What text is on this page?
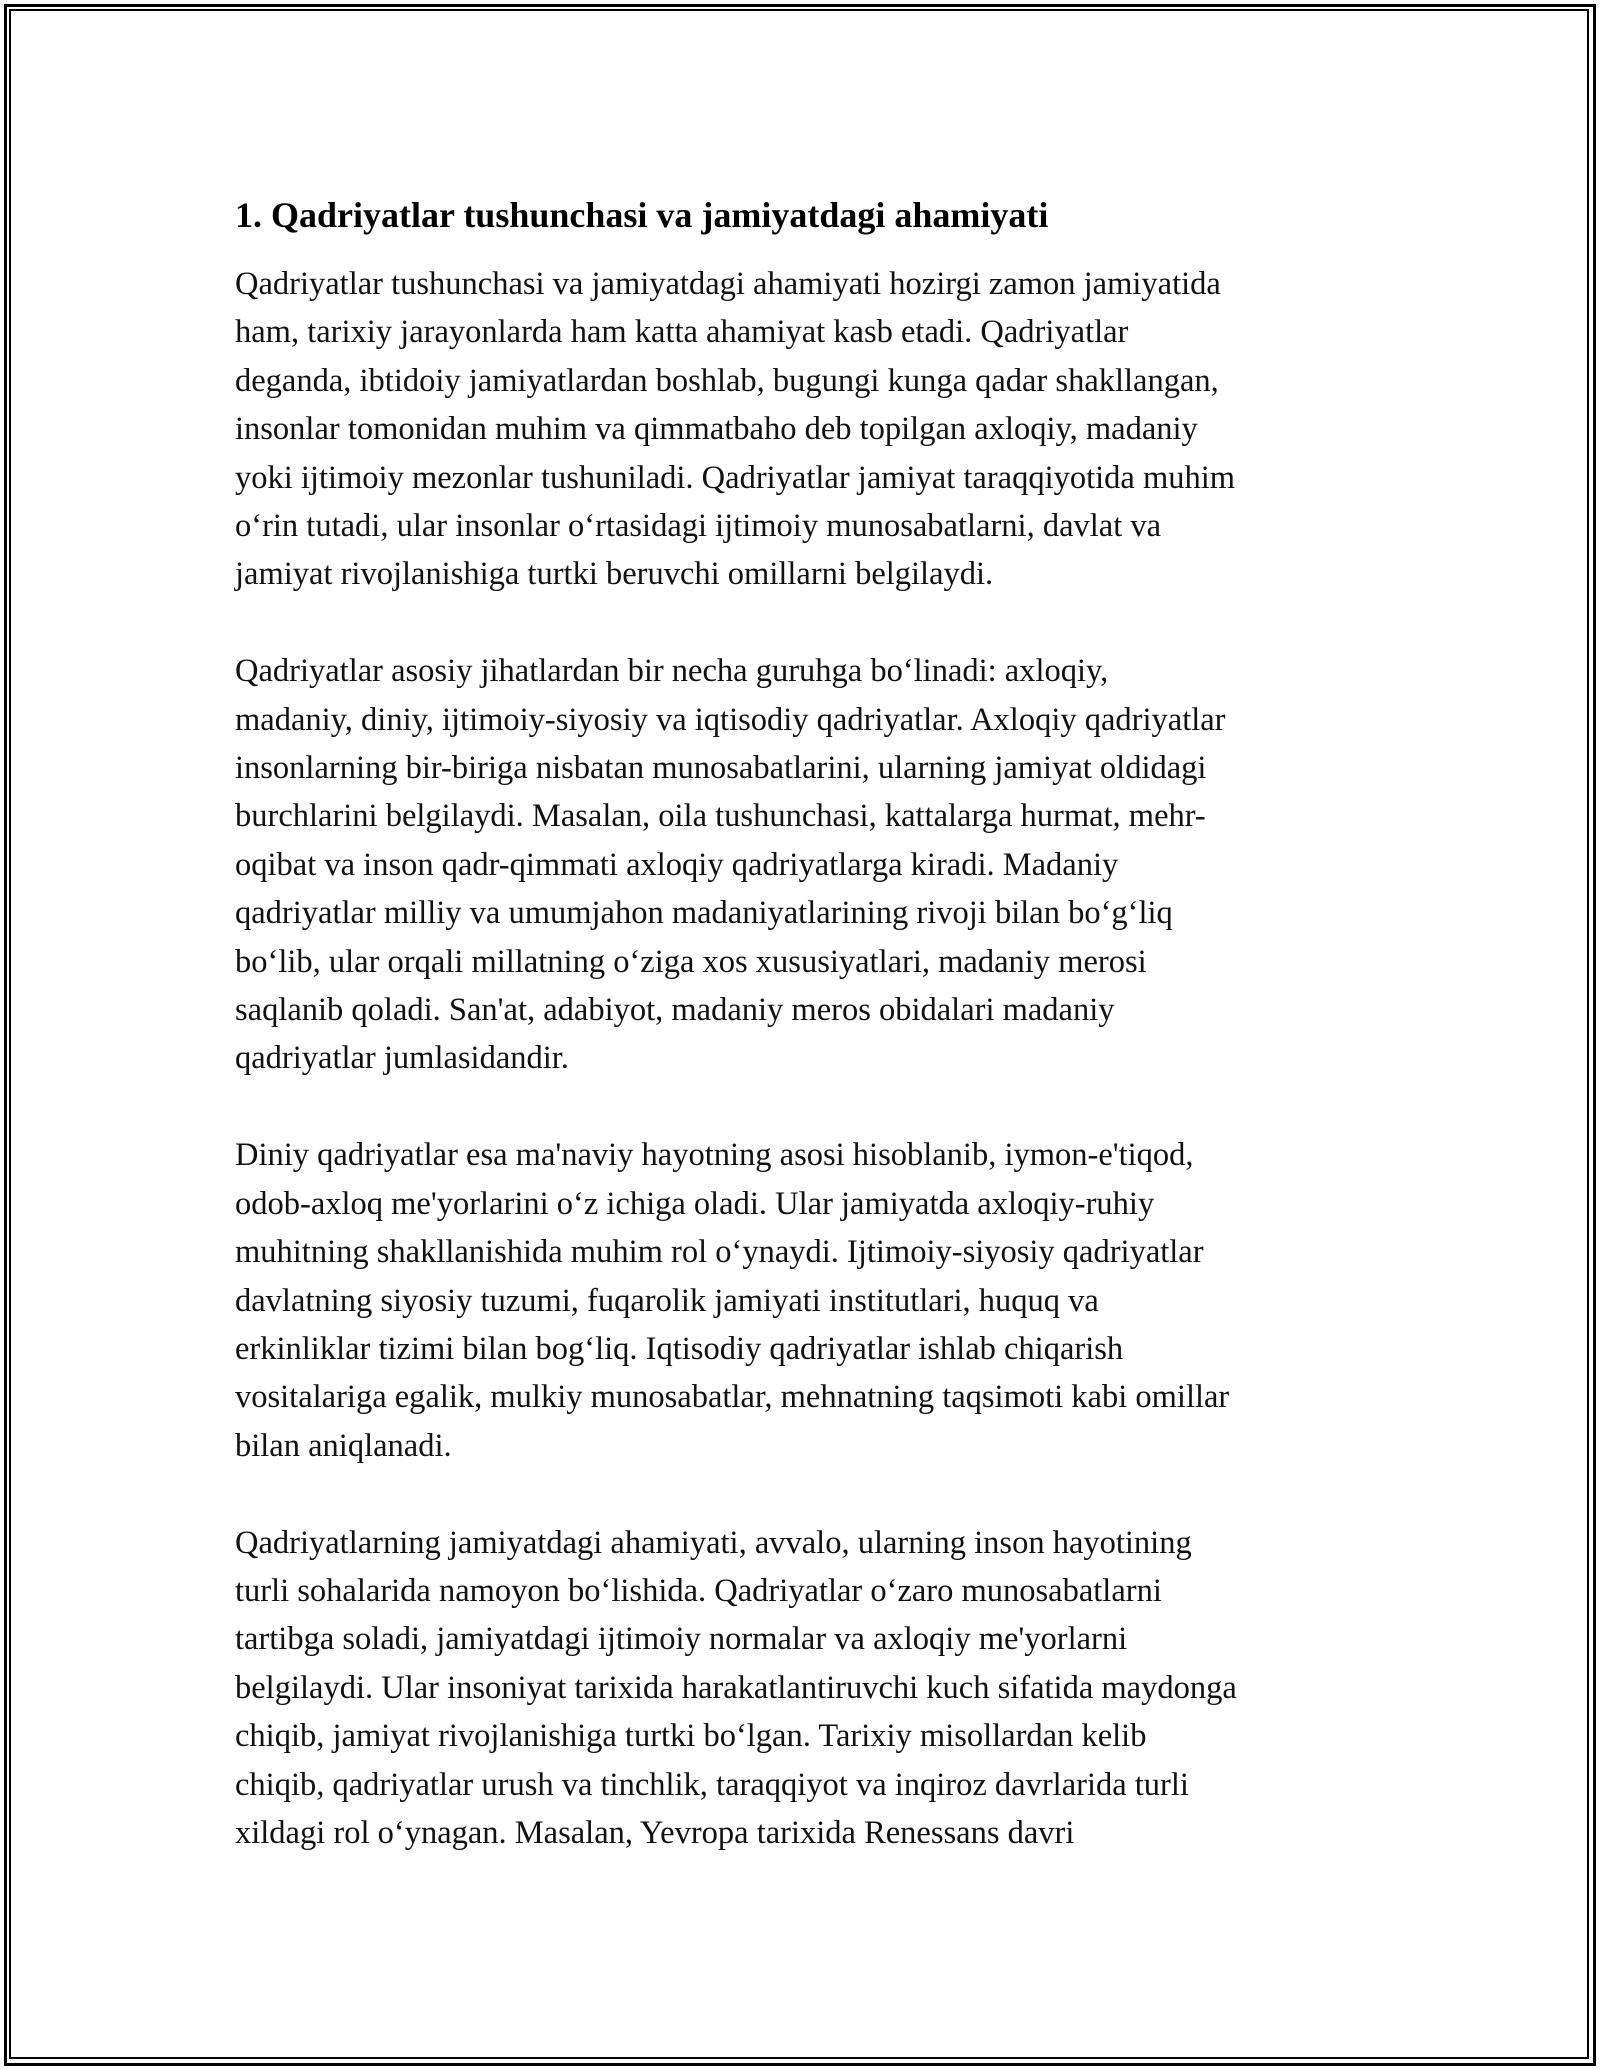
1. Qadriyatlar tushunchasi va jamiyatdagi ahamiyati

Qadriyatlar tushunchasi va jamiyatdagi ahamiyati hozirgi zamon jamiyatida
ham, tarixiy jarayonlarda ham katta ahamiyat kasb etadi. Qadriyatlar
deganda, ibtidoiy jamiyatlardan boshlab, bugungi kunga qadar shakllangan,
insonlar tomonidan muhim va qimmatbaho deb topilgan axloqiy, madaniy
yoki ijtimoiy mezonlar tushuniladi. Qadriyatlar jamiyat taraqqiyotida muhim
o‘rin tutadi, ular insonlar o‘rtasidagi ijtimoiy munosabatlarni, davlat va
jamiyat rivojlanishiga turtki beruvchi omillarni belgilaydi.

Qadriyatlar asosiy jihatlardan bir necha guruhga bo‘linadi: axloqiy,
madaniy, diniy, ijtimoiy-siyosiy va iqtisodiy qadriyatlar. Axloqiy qadriyatlar
insonlarning bir-biriga nisbatan munosabatlarini, ularning jamiyat oldidagi
burchlarini belgilaydi. Masalan, oila tushunchasi, kattalarga hurmat, mehr-
oqibat va inson qadr-qimmati axloqiy qadriyatlarga kiradi. Madaniy
qadriyatlar milliy va umumjahon madaniyatlarining rivoji bilan bo‘g‘liq
bo‘lib, ular orqali millatning o‘ziga xos xususiyatlari, madaniy merosi
saqlanib qoladi. San'at, adabiyot, madaniy meros obidalari madaniy
qadriyatlar jumlasidandir.

Diniy qadriyatlar esa ma'naviy hayotning asosi hisoblanib, iymon-e'tiqod,
odob-axloq me'yorlarini o‘z ichiga oladi. Ular jamiyatda axloqiy-ruhiy
muhitning shakllanishida muhim rol o‘ynaydi. Ijtimoiy-siyosiy qadriyatlar
davlatning siyosiy tuzumi, fuqarolik jamiyati institutlari, huquq va
erkinliklar tizimi bilan bog‘liq. Iqtisodiy qadriyatlar ishlab chiqarish
vositalariga egalik, mulkiy munosabatlar, mehnatning taqsimoti kabi omillar
bilan aniqlanadi.

Qadriyatlarning jamiyatdagi ahamiyati, avvalo, ularning inson hayotining
turli sohalarida namoyon bo‘lishida. Qadriyatlar o‘zaro munosabatlarni
tartibga soladi, jamiyatdagi ijtimoiy normalar va axloqiy me'yorlarni
belgilaydi. Ular insoniyat tarixida harakatlantiruvchi kuch sifatida maydonga
chiqib, jamiyat rivojlanishiga turtki bo‘lgan. Tarixiy misollardan kelib
chiqib, qadriyatlar urush va tinchlik, taraqqiyot va inqiroz davrlarida turli
xildagi rol o‘ynagan. Masalan, Yevropa tarixida Renessans davri
